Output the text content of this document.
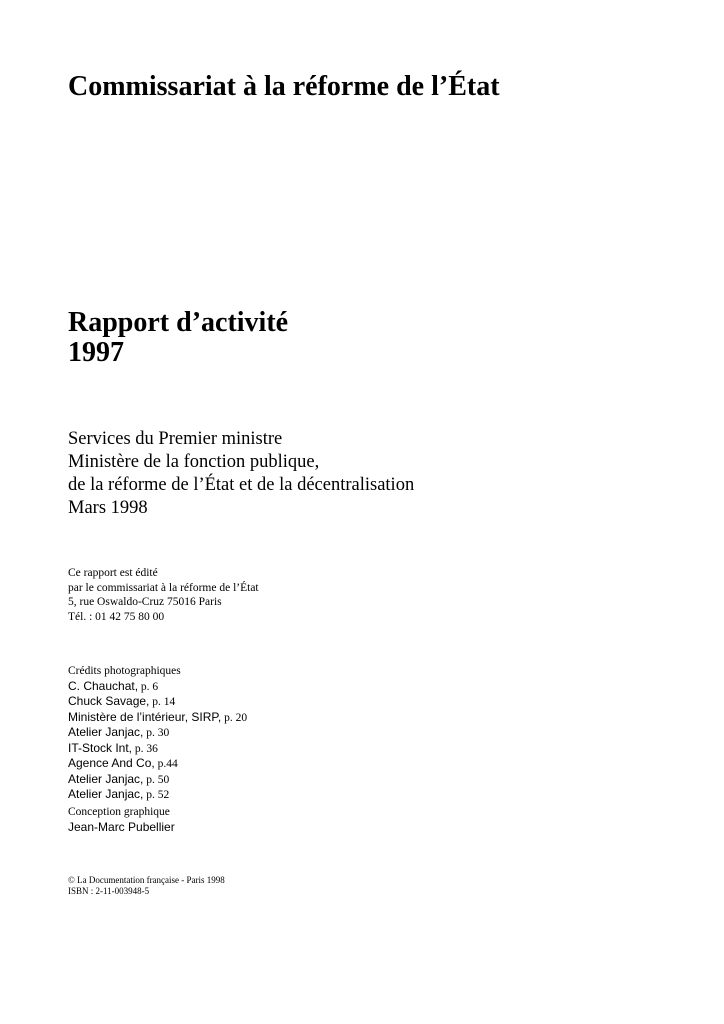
Commissariat à la réforme de l’État
Rapport d’activité
1997
Services du Premier ministre
Ministère de la fonction publique,
de la réforme de l’État et de la décentralisation
Mars 1998
Ce rapport est édité
par le commissariat à la réforme de l’État
5, rue Oswaldo-Cruz 75016 Paris
Tél. : 01 42 75 80 00
Crédits photographiques
C. Chauchat, p. 6
Chuck Savage, p. 14
Ministère de l’intérieur, SIRP, p. 20
Atelier Janjac, p. 30
IT-Stock Int, p. 36
Agence And Co, p.44
Atelier Janjac, p. 50
Atelier Janjac, p. 52
Conception graphique
Jean-Marc Pubellier
© La Documentation française - Paris 1998
ISBN : 2-11-003948-5
